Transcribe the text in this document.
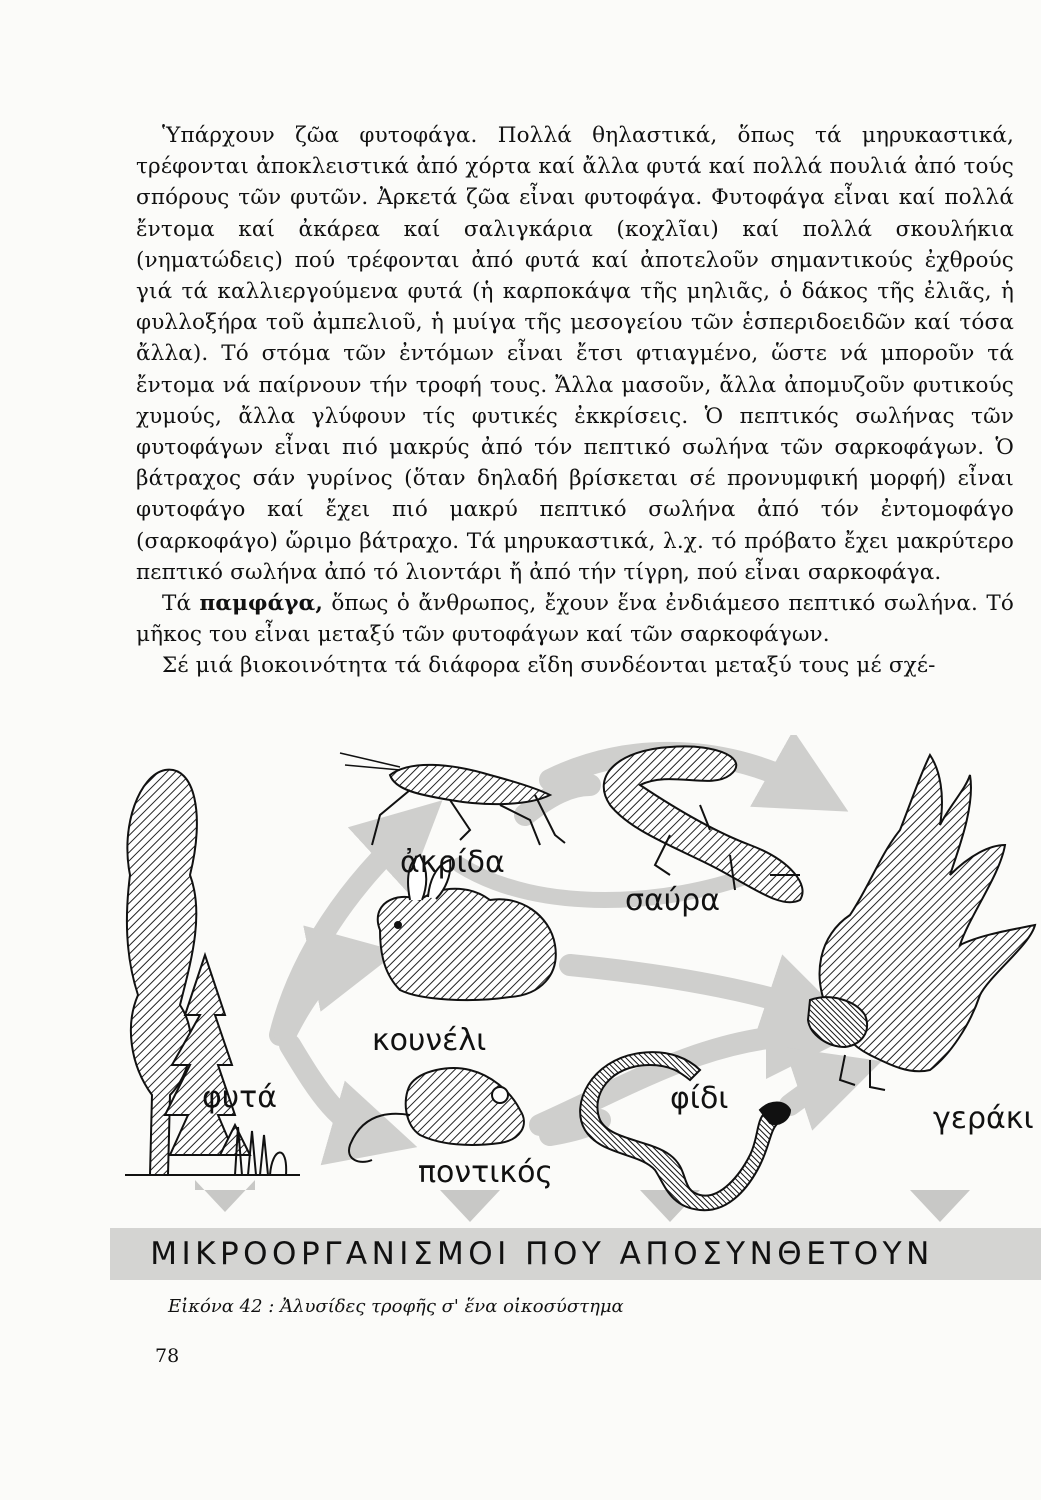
Ὑπάρχουν ζῶα φυτοφάγα. Πολλά θηλαστικά, ὅπως τά μηρυκαστικά, τρέφονται ἀποκλειστικά ἀπό χόρτα καί ἄλλα φυτά καί πολλά πουλιά ἀπό τούς σπόρους τῶν φυτῶν. Ἀρκετά ζῶα εἶναι φυτοφάγα. Φυτοφάγα εἶναι καί πολλά ἔντομα καί ἀκάρεα καί σαλιγκάρια (κοχλῖαι) καί πολλά σκουλήκια (νηματώδεις) πού τρέφονται ἀπό φυτά καί ἀποτελοῦν σημαντικούς ἐχθρούς γιά τά καλλιεργούμενα φυτά (ἡ καρποκάψα τῆς μηλιᾶς, ὁ δάκος τῆς ἐλιᾶς, ἡ φυλλοξήρα τοῦ ἀμπελιοῦ, ἡ μυίγα τῆς μεσογείου τῶν ἑσπεριδοειδῶν καί τόσα ἄλλα). Τό στόμα τῶν ἐντόμων εἶναι ἔτσι φτιαγμένο, ὥστε νά μποροῦν τά ἔντομα νά παίρνουν τήν τροφή τους. Ἄλλα μασοῦν, ἄλλα ἀπομυζοῦν φυτικούς χυμούς, ἄλλα γλύφουν τίς φυτικές ἐκκρίσεις. Ὁ πεπτικός σωλήνας τῶν φυτοφάγων εἶναι πιό μακρύς ἀπό τόν πεπτικό σωλήνα τῶν σαρκοφάγων. Ὁ βάτραχος σάν γυρίνος (ὅταν δηλαδή βρίσκεται σέ προνυμφική μορφή) εἶναι φυτοφάγο καί ἔχει πιό μακρύ πεπτικό σωλήνα ἀπό τόν ἐντομοφάγο (σαρκοφάγο) ὥριμο βάτραχο. Τά μηρυκαστικά, λ.χ. τό πρόβατο ἔχει μακρύτερο πεπτικό σωλήνα ἀπό τό λιοντάρι ἤ ἀπό τήν τίγρη, πού εἶναι σαρκοφάγα.

Τά παμφάγα, ὅπως ὁ ἄνθρωπος, ἔχουν ἕνα ἐνδιάμεσο πεπτικό σωλήνα. Τό μῆκος του εἶναι μεταξύ τῶν φυτοφάγων καί τῶν σαρκοφάγων.

Σέ μιά βιοκοινότητα τά διάφορα εἴδη συνδέονται μεταξύ τους μέ σχέ-

ἀκρίδα
σαύρα
κουνέλι
φυτά	φίδι
γεράκι
ποντικός
ΜΙΚΡΟΟΡΓΑΝΙΣΜΟΙ ΠΟΥ ΑΠΟΣΥΝΘΕΤΟΥΝ
Εἰκόνα 42 : Ἀλυσίδες τροφῆς σ' ἕνα οἰκοσύστημα
78
